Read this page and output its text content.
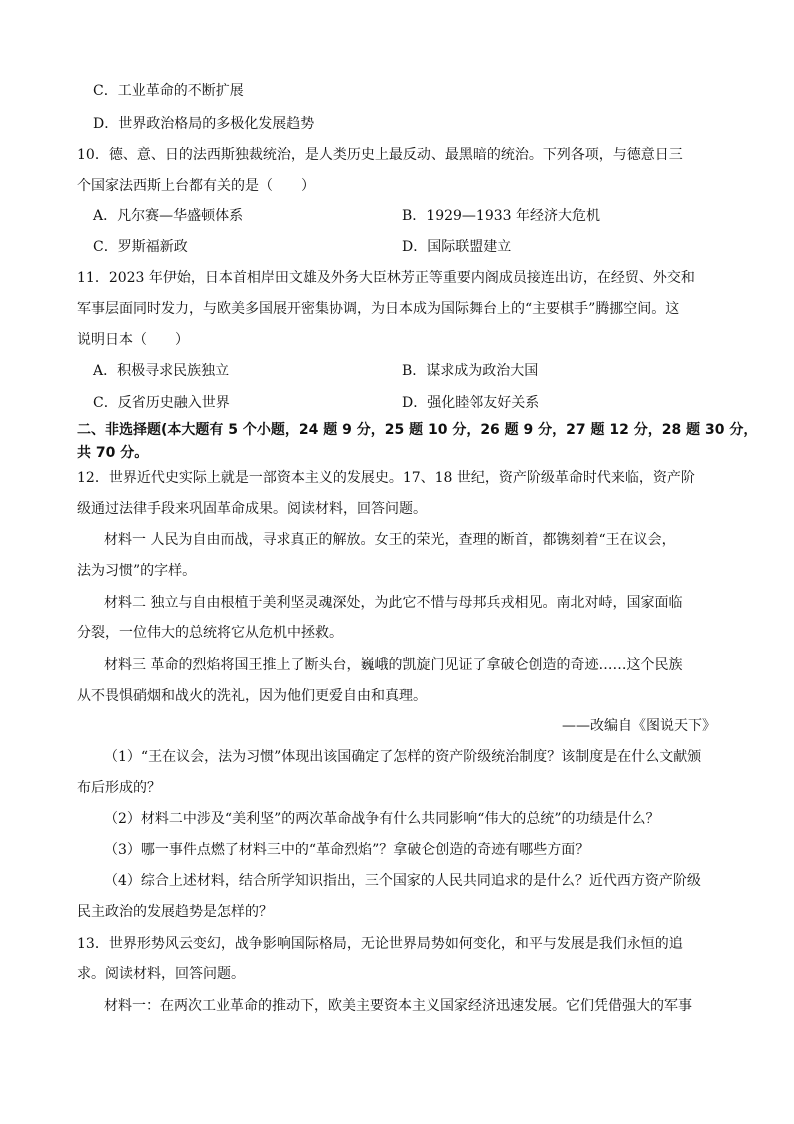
C．工业革命的不断扩展
D．世界政治格局的多极化发展趋势
10．德、意、日的法西斯独裁统治，是人类历史上最反动、最黑暗的统治。下列各项，与德意日三
个国家法西斯上台都有关的是（　　）
A．凡尔赛—华盛顿体系	B．1929—1933 年经济大危机
C．罗斯福新政	D．国际联盟建立
11．2023 年伊始，日本首相岸田文雄及外务大臣林芳正等重要内阁成员接连出访，在经贸、外交和
军事层面同时发力，与欧美多国展开密集协调，为日本成为国际舞台上的“主要棋手”腾挪空间。这
说明日本（　　）
A．积极寻求民族独立	B．谋求成为政治大国
C．反省历史融入世界	D．强化睦邻友好关系
二、非选择题(本大题有 5 个小题，24 题 9 分，25 题 10 分，26 题 9 分，27 题 12 分，28 题 30 分，
共 70 分。
12．世界近代史实际上就是一部资本主义的发展史。17、18 世纪，资产阶级革命时代来临，资产阶
级通过法律手段来巩固革命成果。阅读材料，回答问题。
材料一 人民为自由而战，寻求真正的解放。女王的荣光，查理的断首，都镌刻着“王在议会，
法为习惯”的字样。
材料二 独立与自由根植于美利坚灵魂深处，为此它不惜与母邦兵戎相见。南北对峙，国家面临
分裂，一位伟大的总统将它从危机中拯救。
材料三 革命的烈焰将国王推上了断头台，巍峨的凯旋门见证了拿破仑创造的奇迹……这个民族
从不畏惧硝烟和战火的洗礼，因为他们更爱自由和真理。
——改编自《图说天下》
（1）“王在议会，法为习惯”体现出该国确定了怎样的资产阶级统治制度？该制度是在什么文献颁
布后形成的？
（2）材料二中涉及“美利坚”的两次革命战争有什么共同影响“伟大的总统”的功绩是什么？
（3）哪一事件点燃了材料三中的“革命烈焰”？拿破仑创造的奇迹有哪些方面？
（4）综合上述材料，结合所学知识指出，三个国家的人民共同追求的是什么？近代西方资产阶级
民主政治的发展趋势是怎样的？
13．世界形势风云变幻，战争影响国际格局，无论世界局势如何变化，和平与发展是我们永恒的追
求。阅读材料，回答问题。
材料一：在两次工业革命的推动下，欧美主要资本主义国家经济迅速发展。它们凭借强大的军事
